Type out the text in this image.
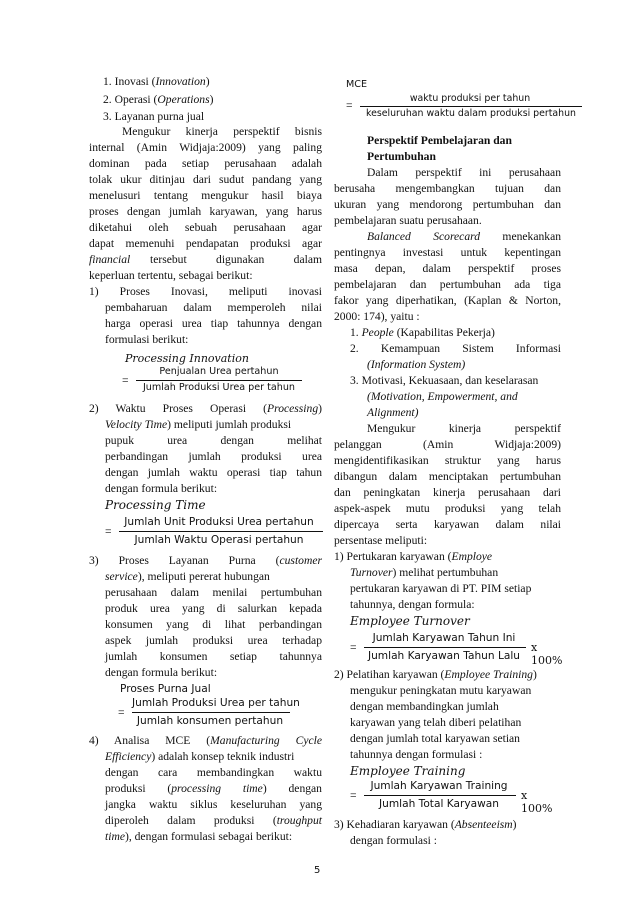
1. Inovasi (Innovation)
2. Operasi (Operations)
3. Layanan purna jual
Mengukur kinerja perspektif bisnis
internal (Amin Widjaja:2009) yang paling
dominan pada setiap perusahaan adalah
tolak ukur ditinjau dari sudut pandang yang
menelusuri tentang mengukur hasil biaya
proses dengan jumlah karyawan, yang harus
diketahui oleh sebuah perusahaan agar
dapat memenuhi pendapatan produksi agar
financial tersebut digunakan dalam
keperluan tertentu, sebagai berikut:
1) Proses Inovasi, meliputi inovasi
pembaharuan dalam memperoleh nilai
harga operasi urea tiap tahunnya dengan
formulasi berikut:
Processing Innovation
=
Penjualan Urea pertahun
Jumlah Produksi Urea per tahun
2) Waktu Proses Operasi (Processing)
Velocity Time) meliputi jumlah produksi
pupuk urea dengan melihat
perbandingan jumlah produksi urea
dengan jumlah waktu operasi tiap tahun
dengan formula berikut:
Processing Time
=
Jumlah Unit Produksi Urea pertahun
Jumlah Waktu Operasi pertahun
3) Proses Layanan Purna (customer
service), meliputi pererat hubungan
perusahaan dalam menilai pertumbuhan
produk urea yang di salurkan kepada
konsumen yang di lihat perbandingan
aspek jumlah produksi urea terhadap
jumlah konsumen setiap tahunnya
dengan formula berikut:
Proses Purna Jual
=
Jumlah Produksi Urea per tahun
Jumlah konsumen pertahun
4) Analisa MCE (Manufacturing Cycle
Efficiency) adalah konsep teknik industri
dengan cara membandingkan waktu
produksi (processing time) dengan
jangka waktu siklus keseluruhan yang
diperoleh dalam produksi (troughput
time), dengan formulasi sebagai berikut:
MCE
=
waktu produksi per tahun
keseluruhan waktu dalam produksi pertahun
Perspektif Pembelajaran dan
Pertumbuhan
Dalam perspektif ini perusahaan
berusaha mengembangkan tujuan dan
ukuran yang mendorong pertumbuhan dan
pembelajaran suatu perusahaan.
Balanced Scorecard menekankan
pentingnya investasi untuk kepentingan
masa depan, dalam perspektif proses
pembelajaran dan pertumbuhan ada tiga
fakor yang diperhatikan, (Kaplan & Norton,
2000: 174), yaitu :
1. People (Kapabilitas Pekerja)
2. Kemampuan Sistem Informasi
(Information System)
3. Motivasi, Kekuasaan, dan keselarasan
(Motivation, Empowerment, and
Alignment)
Mengukur kinerja perspektif
pelanggan (Amin Widjaja:2009)
mengidentifikasikan struktur yang harus
dibangun dalam menciptakan pertumbuhan
dan peningkatan kinerja perusahaan dari
aspek-aspek mutu produksi yang telah
dipercaya serta karyawan dalam nilai
persentase meliputi:
1) Pertukaran karyawan (Employe
Turnover) melihat pertumbuhan
pertukaran karyawan di PT. PIM setiap
tahunnya, dengan formula:
Employee Turnover
=
Jumlah Karyawan Tahun Ini
Jumlah Karyawan Tahun Lalu
x 100%
2) Pelatihan karyawan (Employee Training)
mengukur peningkatan mutu karyawan
dengan membandingkan jumlah
karyawan yang telah diberi pelatihan
dengan jumlah total karyawan setian
tahunnya dengan formulasi :
Employee Training
=
Jumlah Karyawan Training
Jumlah Total Karyawan
x 100%
3) Kehadiaran karyawan (Absenteeism)
dengan formulasi :
5
